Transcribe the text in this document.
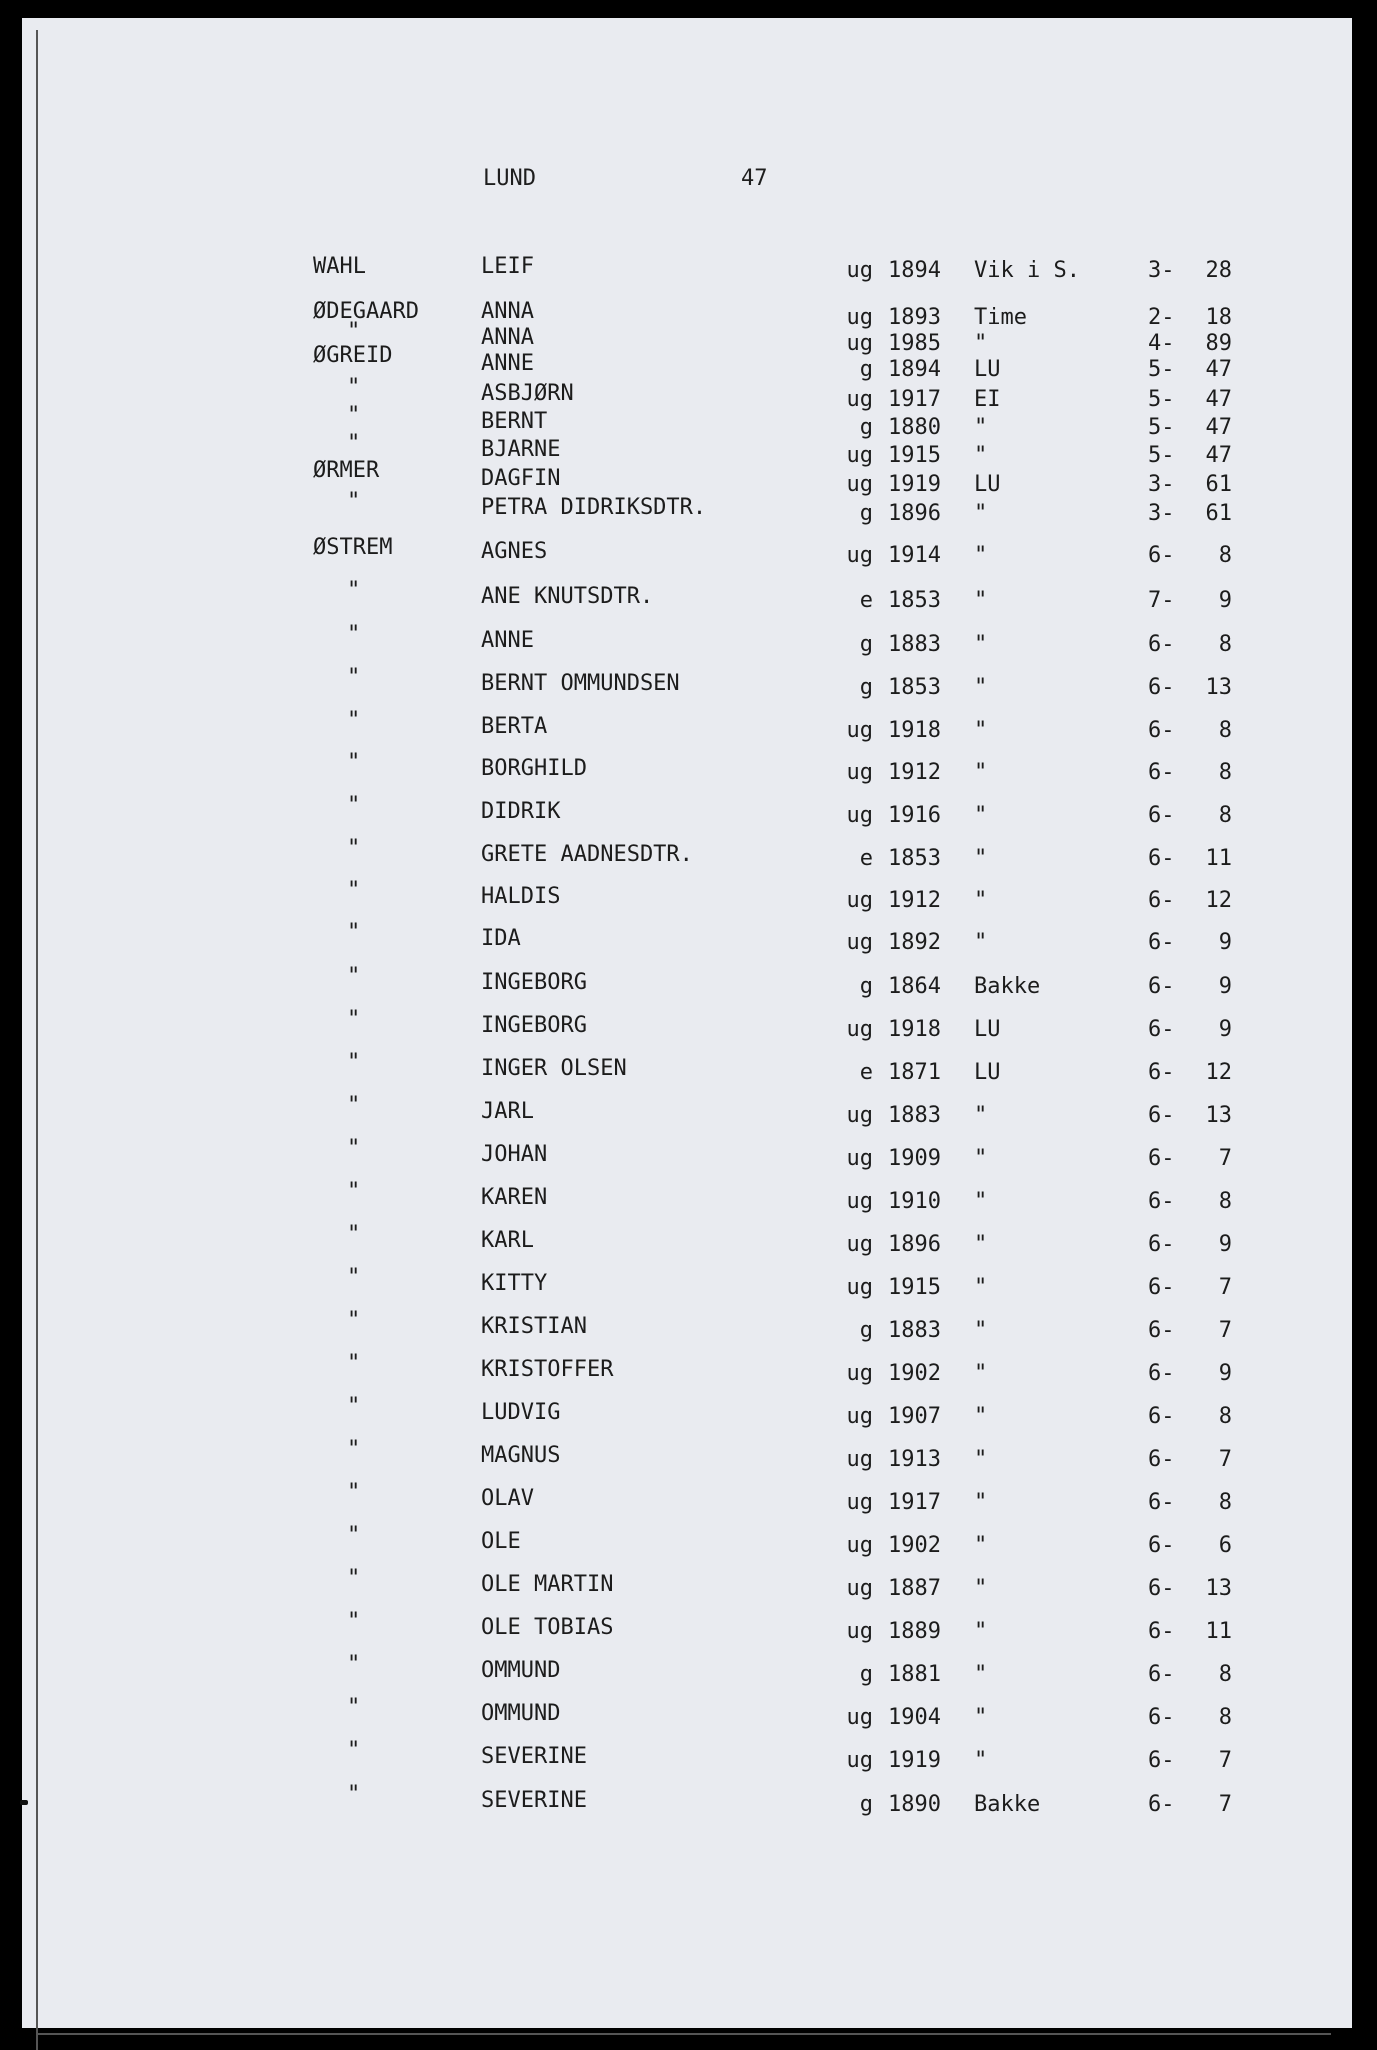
LUND	47
WAHL	LEIF	ug 1894 Vik i S.	3-	28
ØDEGAARD	ANNA	ug 1893 Time	2-	18
"	ANNA	ug 1985 "	4-	89
ØGREID	ANNE	g 1894 LU	5-	47
"	ASBJØRN	ug 1917 EI	5-	47
"	BERNT	g 1880 "	5-	47
"	BJARNE	ug 1915 "	5-	47
ØRMER	DAGFIN	ug 1919 LU	3-	61
"	PETRA DIDRIKSDTR.	g 1896 "	3-	61
ØSTREM	AGNES	ug 1914 "	6-	8
"	ANE KNUTSDTR.	e 1853 "	7-	9
"	ANNE	g 1883 "	6-	8
"	BERNT OMMUNDSEN	g 1853 "	6-	13
"	BERTA	ug 1918 "	6-	8
"	BORGHILD	ug 1912 "	6-	8
"	DIDRIK	ug 1916 "	6-	8
"	GRETE AADNESDTR.	e 1853 "	6-	11
"	HALDIS	ug 1912 "	6-	12
"	IDA	ug 1892 "	6-	9
"	INGEBORG	g 1864 Bakke	6-	9
"	INGEBORG	ug 1918 LU	6-	9
"	INGER OLSEN	e 1871 LU	6-	12
"	JARL	ug 1883 "	6-	13
"	JOHAN	ug 1909 "	6-	7
"	KAREN	ug 1910 "	6-	8
"	KARL	ug 1896 "	6-	9
"	KITTY	ug 1915 "	6-	7
"	KRISTIAN	g 1883 "	6-	7
"	KRISTOFFER	ug 1902 "	6-	9
"	LUDVIG	ug 1907 "	6-	8
"	MAGNUS	ug 1913 "	6-	7
"	OLAV	ug 1917 "	6-	8
"	OLE	ug 1902 "	6-	6
"	OLE MARTIN	ug 1887 "	6-	13
"	OLE TOBIAS	ug 1889 "	6-	11
"	OMMUND	g 1881 "	6-	8
"	OMMUND	ug 1904 "	6-	8
"	SEVERINE	ug 1919 "	6-	7
"	SEVERINE	g 1890 Bakke	6-	7
